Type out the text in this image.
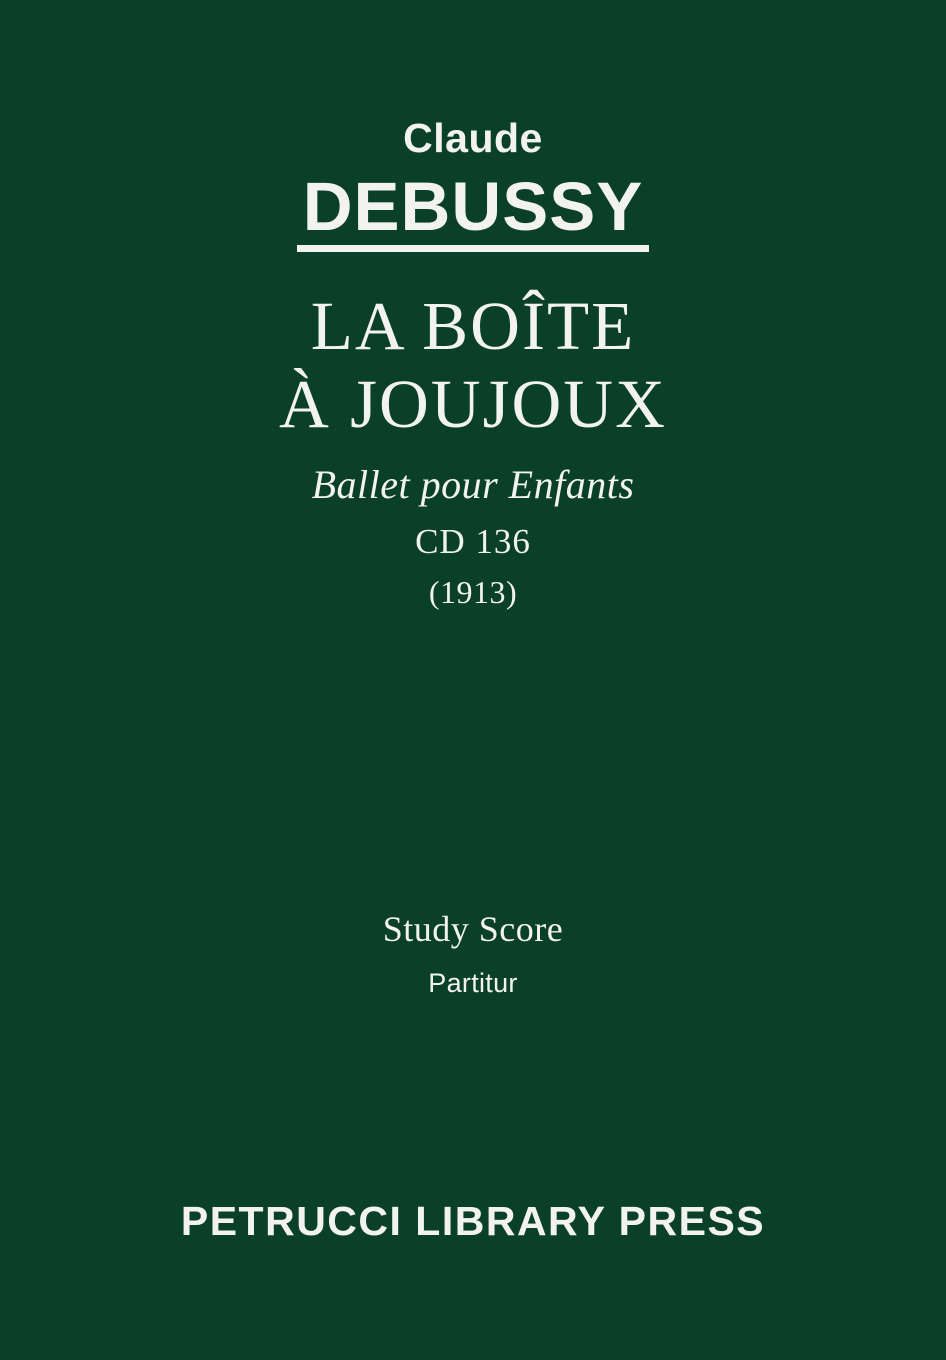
Claude
DEBUSSY
LA BOÎTE
À JOUJOUX
Ballet pour Enfants
CD 136
(1913)
Study Score
Partitur
PETRUCCI LIBRARY PRESS
